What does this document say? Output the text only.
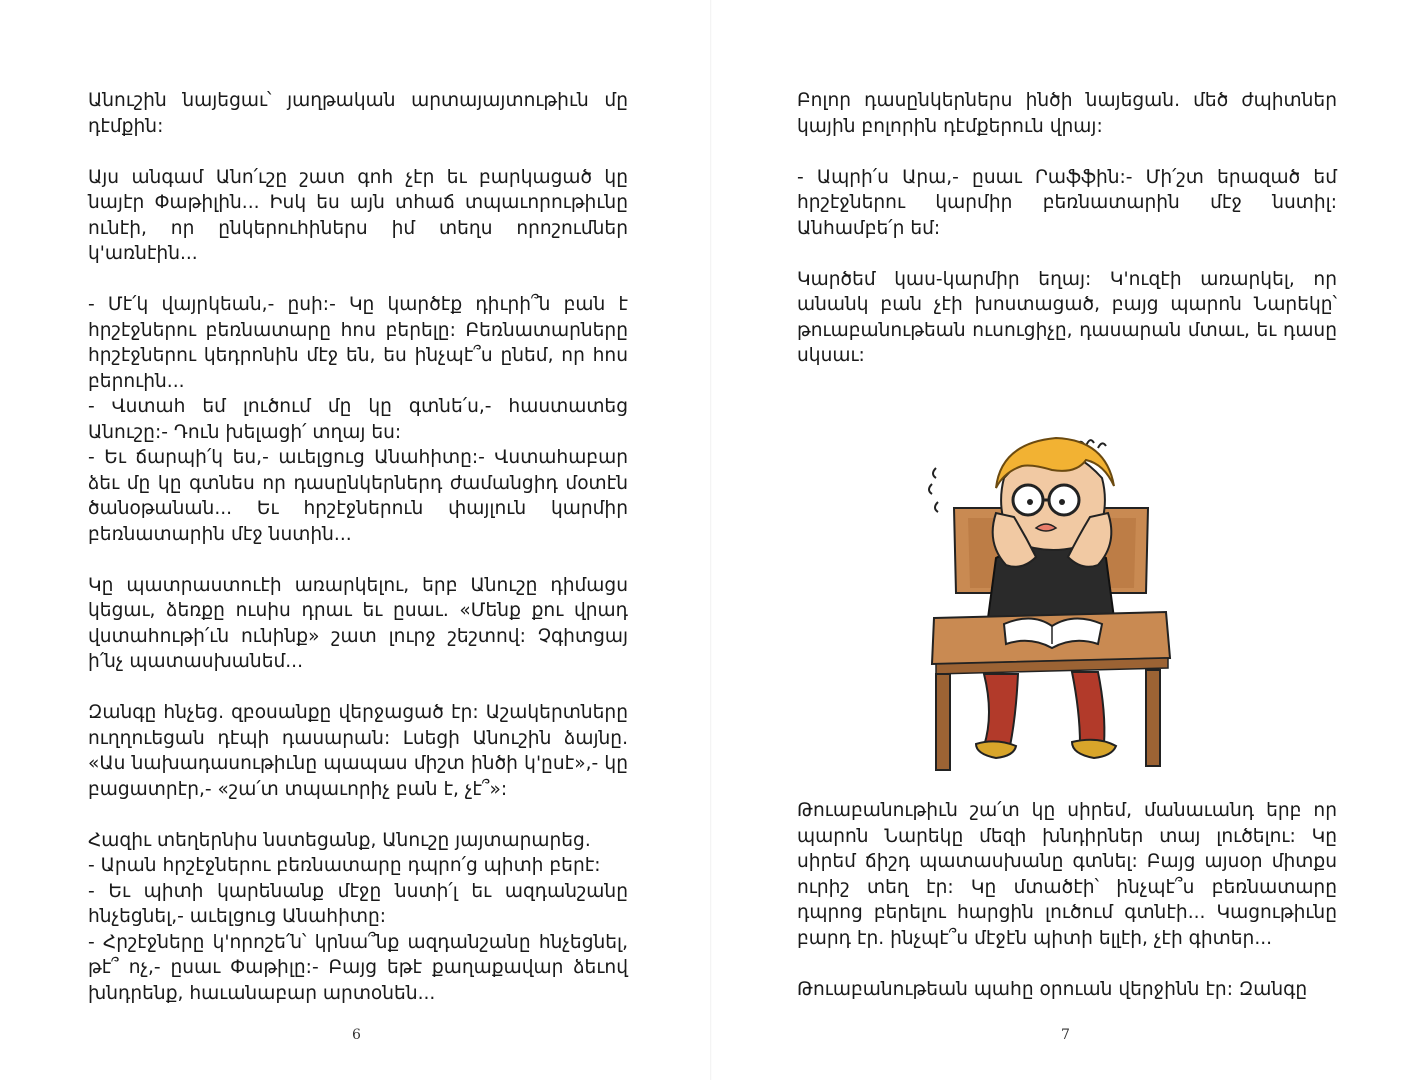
Անուշին նայեցաւ՝ յաղթական արտայայտութիւն մը դէմքին:

Այս անգամ Անո՛ւշը շատ գոհ չէր եւ բարկացած կը նայէր Փաթիլին... Իսկ ես այն տհաճ տպաւորութիւնը ունէի, որ ընկերուհիներս իմ տեղս որոշումներ կ'առնէին...

- Մէ՛կ վայրկեան,- ըսի:- Կը կարծէք դիւրի՞ն բան է հրշէջներու բեռնատարը հոս բերելը: Բեռնատարները հրշէջներու կեդրոնին մէջ են, ես ինչպէ՞ս ընեմ, որ հոս բերուին...
- Վստահ եմ լուծում մը կը գտնե՛ս,- հաստատեց Անուշը:- Դուն խելացի՛ տղայ ես:
- Եւ ճարպի՛կ ես,- աւելցուց Անահիտը:- Վստահաբար ձեւ մը կը գտնես որ դասընկերներդ ժամանցիդ մօտէն ծանօթանան... Եւ հրշէջներուն փայլուն կարմիր բեռնատարին մէջ նստին...

Կը պատրաստուէի առարկելու, երբ Անուշը դիմացս կեցաւ, ձեռքը ուսիս դրաւ եւ ըսաւ. «Մենք քու վրադ վստահութի՛ւն ունինք» շատ լուրջ շեշտով: Չգիտցայ ի՛նչ պատասխանեմ...

Զանգը հնչեց. զբօսանքը վերջացած էր: Աշակերտները ուղղուեցան դէպի դասարան: Լսեցի Անուշին ձայնը. «Աս նախադասութիւնը պապաս միշտ ինծի կ'ըսէ»,- կը բացատրէր,- «շա՛տ տպաւորիչ բան է, չէ՞»:

Հազիւ տեղերնիս նստեցանք, Անուշը յայտարարեց.
- Արան հրշէջներու բեռնատարը դպրո՛ց պիտի բերէ:
- Եւ պիտի կարենանք մէջը նստի՛լ եւ ազդանշանը հնչեցնել,- աւելցուց Անահիտը:
- Հրշէջները կ'որոշե՛ն՝ կրնա՞նք ազդանշանը հնչեցնել, թէ՞ ոչ,- ըսաւ Փաթիլը:- Բայց եթէ քաղաքավար ձեւով խնդրենք, հաւանաբար արտօնեն...

6

Բոլոր դասընկերներս ինծի նայեցան. մեծ ժպիտներ կային բոլորին դէմքերուն վրայ:

- Ապրի՛ս Արա,- ըսաւ Րաֆֆին:- Մի՛շտ երազած եմ հրշէջներու կարմիր բեռնատարին մէջ նստիլ: Անհամբե՛ր եմ:

Կարծեմ կաս-կարմիր եղայ: Կ'ուզէի առարկել, որ անանկ բան չէի խոստացած, բայց պարոն Նարեկը՝ թուաբանութեան ուսուցիչը, դասարան մտաւ, եւ դասը սկսաւ:

Թուաբանութիւն շա՛տ կը սիրեմ, մանաւանդ երբ որ պարոն Նարեկը մեզի խնդիրներ տայ լուծելու: Կը սիրեմ ճիշդ պատասխանը գտնել: Բայց այսօր միտքս ուրիշ տեղ էր: Կը մտածէի՝ ինչպէ՞ս բեռնատարը դպրոց բերելու հարցին լուծում գտնէի... Կացութիւնը բարդ էր. ինչպէ՞ս մէջէն պիտի ելլէի, չէի գիտեր...

Թուաբանութեան պահը օրուան վերջինն էր: Զանգը

7
